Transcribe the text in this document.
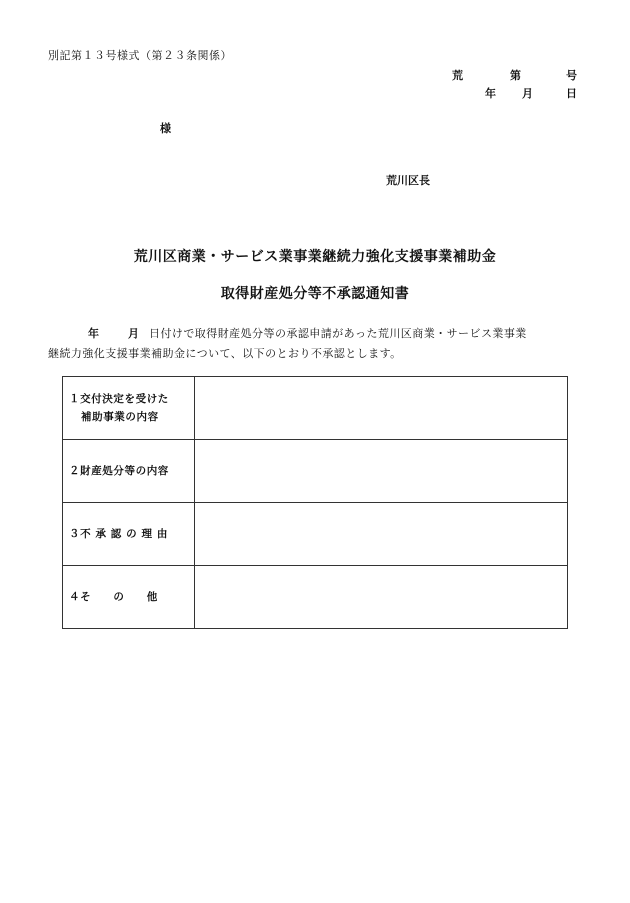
別記第１３号様式（第２３条関係）
荒	第	号
年 月	日
様
荒川区長
荒川区商業・サービス業事業継続力強化支援事業補助金
取得財産処分等不承認通知書
年	月 日付けで取得財産処分等の承認申請があった荒川区商業・サービス業事業
継続力強化支援事業補助金について、以下のとおり不承認とします。
１交付決定を受けた
補助事業の内容	

２財産処分等の内容	

３不 承 認 の 理 由	

４そ　　の　　他	
